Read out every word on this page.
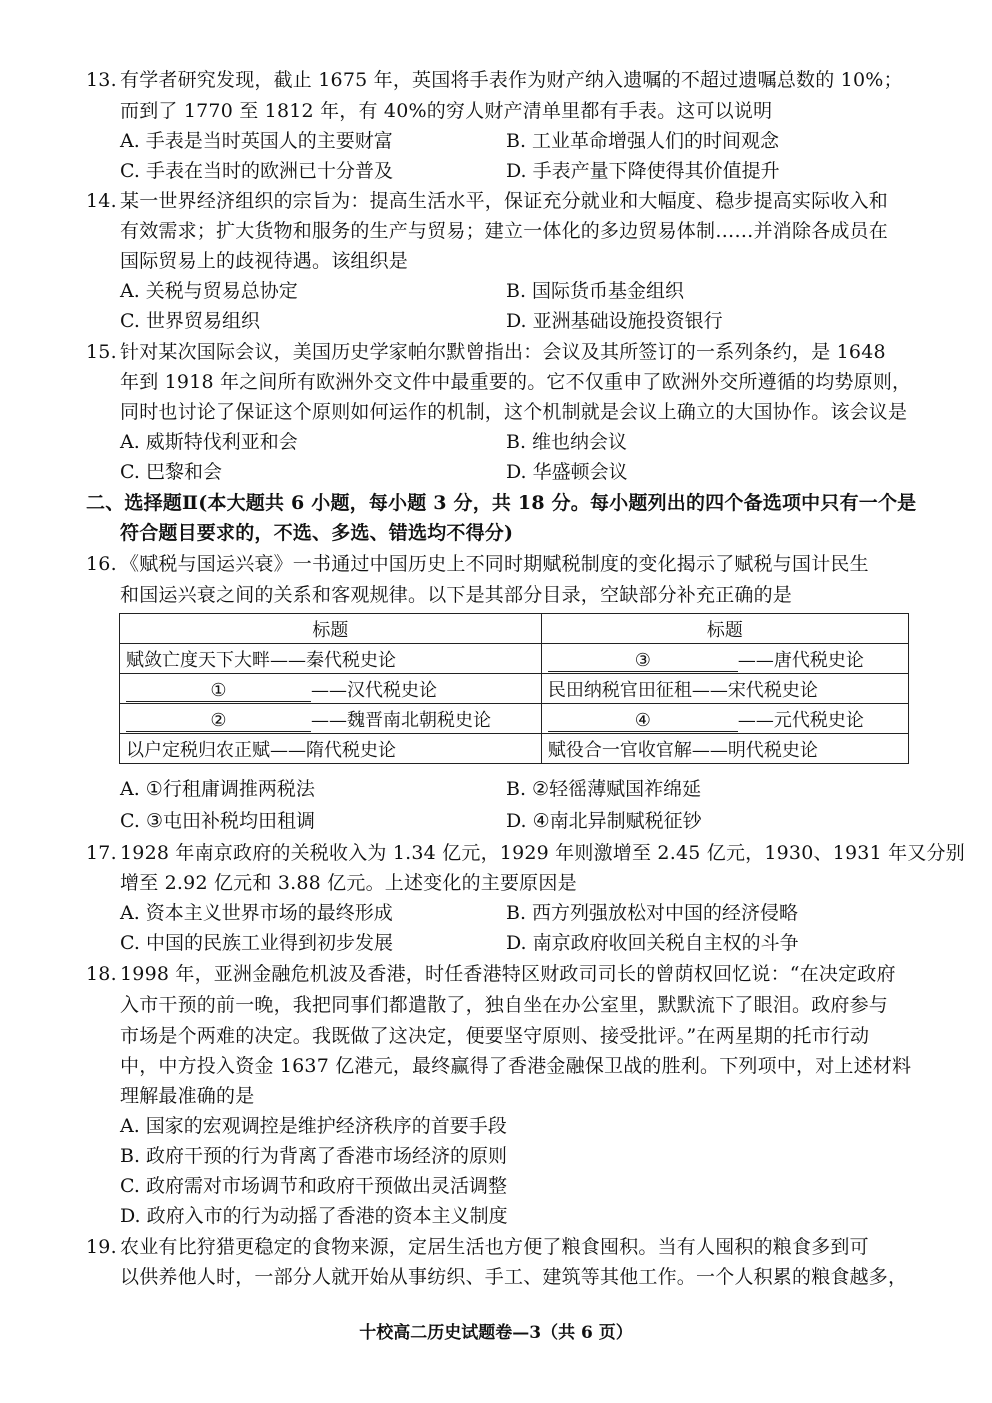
13. 有学者研究发现，截止 1675 年，英国将手表作为财产纳入遗嘱的不超过遗嘱总数的 10%；
而到了 1770 至 1812 年，有 40%的穷人财产清单里都有手表。这可以说明
A. 手表是当时英国人的主要财富	B. 工业革命增强人们的时间观念
C. 手表在当时的欧洲已十分普及	D. 手表产量下降使得其价值提升
14. 某一世界经济组织的宗旨为：提高生活水平，保证充分就业和大幅度、稳步提高实际收入和
有效需求；扩大货物和服务的生产与贸易；建立一体化的多边贸易体制……并消除各成员在
国际贸易上的歧视待遇。该组织是
A. 关税与贸易总协定	B. 国际货币基金组织
C. 世界贸易组织	D. 亚洲基础设施投资银行
15. 针对某次国际会议，美国历史学家帕尔默曾指出：会议及其所签订的一系列条约，是 1648
年到 1918 年之间所有欧洲外交文件中最重要的。它不仅重申了欧洲外交所遵循的均势原则，
同时也讨论了保证这个原则如何运作的机制，这个机制就是会议上确立的大国协作。该会议是
A. 威斯特伐利亚和会	B. 维也纳会议
C. 巴黎和会	D. 华盛顿会议
二、选择题Ⅱ(本大题共 6 小题，每小题 3 分，共 18 分。每小题列出的四个备选项中只有一个是
符合题目要求的，不选、多选、错选均不得分)
16. 《赋税与国运兴衰》一书通过中国历史上不同时期赋税制度的变化揭示了赋税与国计民生
和国运兴衰之间的关系和客观规律。以下是其部分目录，空缺部分补充正确的是
标题	标题
赋敛亡度天下大畔——秦代税史论	③ ——唐代税史论
① ——汉代税史论	民田纳税官田征租——宋代税史论
② ——魏晋南北朝税史论	④ ——元代税史论
以户定税归农正赋——隋代税史论	赋役合一官收官解——明代税史论
A. ①行租庸调推两税法	B. ②轻徭薄赋国祚绵延
C. ③屯田补税均田租调	D. ④南北异制赋税征钞
17. 1928 年南京政府的关税收入为 1.34 亿元，1929 年则激增至 2.45 亿元，1930、1931 年又分别
增至 2.92 亿元和 3.88 亿元。上述变化的主要原因是
A. 资本主义世界市场的最终形成	B. 西方列强放松对中国的经济侵略
C. 中国的民族工业得到初步发展	D. 南京政府收回关税自主权的斗争
18. 1998 年，亚洲金融危机波及香港，时任香港特区财政司司长的曾荫权回忆说：“在决定政府
入市干预的前一晚，我把同事们都遣散了，独自坐在办公室里，默默流下了眼泪。政府参与
市场是个两难的决定。我既做了这决定，便要坚守原则、接受批评。”在两星期的托市行动
中，中方投入资金 1637 亿港元，最终赢得了香港金融保卫战的胜利。下列项中，对上述材料
理解最准确的是
A. 国家的宏观调控是维护经济秩序的首要手段
B. 政府干预的行为背离了香港市场经济的原则
C. 政府需对市场调节和政府干预做出灵活调整
D. 政府入市的行为动摇了香港的资本主义制度
19. 农业有比狩猎更稳定的食物来源，定居生活也方便了粮食囤积。当有人囤积的粮食多到可
以供养他人时，一部分人就开始从事纺织、手工、建筑等其他工作。一个人积累的粮食越多，
十校高二历史试题卷—3（共 6 页）
